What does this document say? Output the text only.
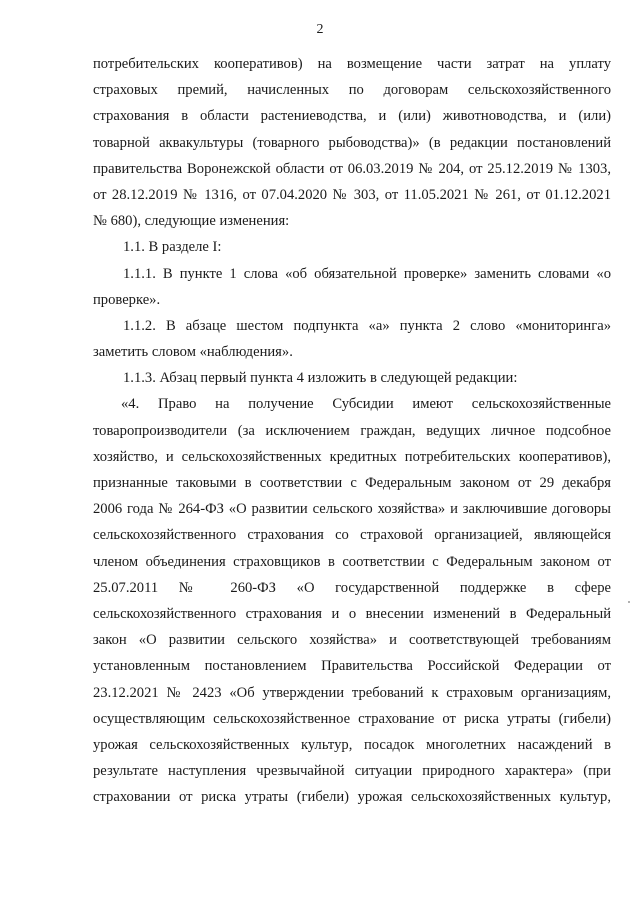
2
потребительских кооперативов) на возмещение части затрат на уплату
страховых премий, начисленных по договорам сельскохозяйственного
страхования в области растениеводства, и (или) животноводства, и (или)
товарной аквакультуры (товарного рыбоводства)» (в редакции постановлений
правительства Воронежской области от 06.03.2019 № 204, от 25.12.2019 № 1303,
от 28.12.2019 № 1316, от 07.04.2020 № 303, от 11.05.2021 № 261, от 01.12.2021
№ 680), следующие изменения:
1.1. В разделе I:
1.1.1. В пункте 1 слова «об обязательной проверке» заменить словами «о
проверке».
1.1.2. В абзаце шестом подпункта «а» пункта 2 слово «мониторинга»
заметить словом «наблюдения».
1.1.3. Абзац первый пункта 4 изложить в следующей редакции:
«4. Право на получение Субсидии имеют сельскохозяйственные
товаропроизводители (за исключением граждан, ведущих личное подсобное
хозяйство, и сельскохозяйственных кредитных потребительских кооперативов),
признанные таковыми в соответствии с Федеральным законом от 29 декабря
2006 года № 264-ФЗ «О развитии сельского хозяйства» и заключившие договоры
сельскохозяйственного страхования со страховой организацией, являющейся
членом объединения страховщиков в соответствии с Федеральным законом от
25.07.2011 № 260-ФЗ «О государственной поддержке в сфере
сельскохозяйственного страхования и о внесении изменений в Федеральный
закон «О развитии сельского хозяйства» и соответствующей требованиям
установленным постановлением Правительства Российской Федерации от
23.12.2021 № 2423 «Об утверждении требований к страховым организациям,
осуществляющим сельскохозяйственное страхование от риска утраты (гибели)
урожая сельскохозяйственных культур, посадок многолетних насаждений в
результате наступления чрезвычайной ситуации природного характера» (при
страховании от риска утраты (гибели) урожая сельскохозяйственных культур,
